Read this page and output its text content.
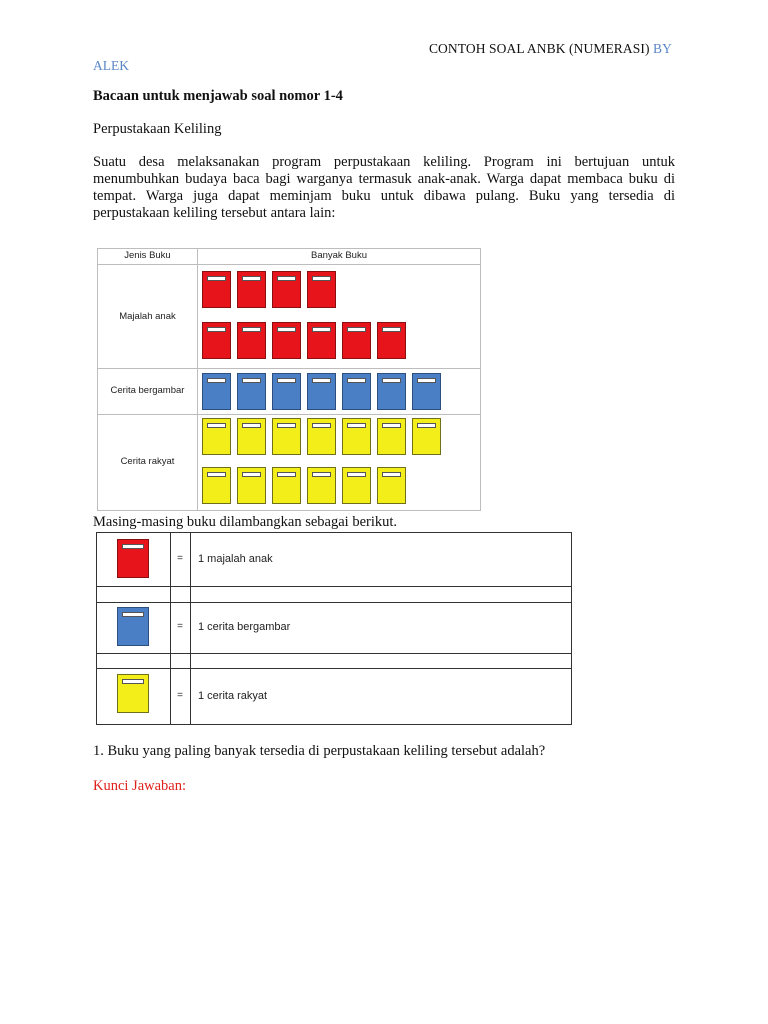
CONTOH SOAL ANBK (NUMERASI) BY
ALEK
Bacaan untuk menjawab soal nomor 1-4
Perpustakaan Keliling
Suatu desa melaksanakan program perpustakaan keliling. Program ini bertujuan untuk menumbuhkan budaya baca bagi warganya termasuk anak-anak. Warga dapat membaca buku di tempat. Warga juga dapat meminjam buku untuk dibawa pulang. Buku yang tersedia di perpustakaan keliling tersebut antara lain:
Jenis Buku	Banyak Buku
Majalah anak
Cerita bergambar
Cerita rakyat
Masing-masing buku dilambangkan sebagai berikut.
=	1 majalah anak
=	1 cerita bergambar
=	1 cerita rakyat
1. Buku yang paling banyak tersedia di perpustakaan keliling tersebut adalah?
Kunci Jawaban:
